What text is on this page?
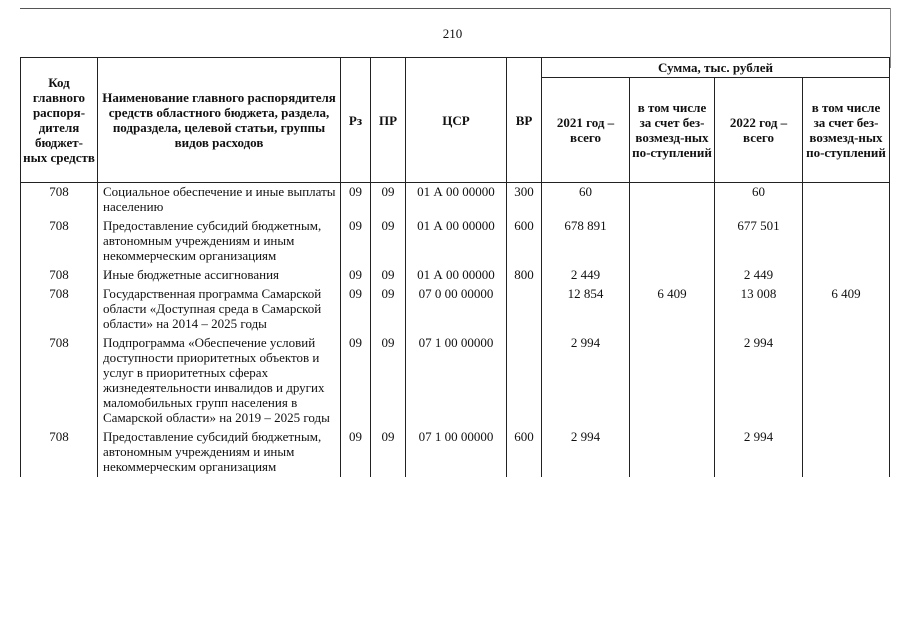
210
Код главного распоря-дителя бюджет-ных средств	Наименование главного распорядителя средств областного бюджета, раздела, подраздела, целевой статьи, группы видов расходов	Рз	ПР	ЦСР	ВР	Сумма, тыс. рублей			
						2021 год – всего	в том числе за счет без-возмезд-ных по-ступлений	2022 год – всего	в том числе за счет без-возмезд-ных по-ступлений
708	Социальное обеспечение и иные выплаты населению	09	09	01 А 00 00000	300	60		60	
708	Предоставление субсидий бюджетным, автономным учреждениям и иным некоммерческим организациям	09	09	01 А 00 00000	600	678 891		677 501	
708	Иные бюджетные ассигнования	09	09	01 А 00 00000	800	2 449		2 449	
708	Государственная программа Самарской области «Доступная среда в Самарской области» на 2014 – 2025 годы	09	09	07 0 00 00000		12 854	6 409	13 008	6 409
708	Подпрограмма «Обеспечение условий доступности приоритетных объектов и услуг в приоритетных сферах жизнедеятельности инвалидов и других маломобильных групп населения в Самарской области» на 2019 – 2025 годы	09	09	07 1 00 00000		2 994		2 994	
708	Предоставление субсидий бюджетным, автономным учреждениям и иным некоммерческим организациям	09	09	07 1 00 00000	600	2 994		2 994	
